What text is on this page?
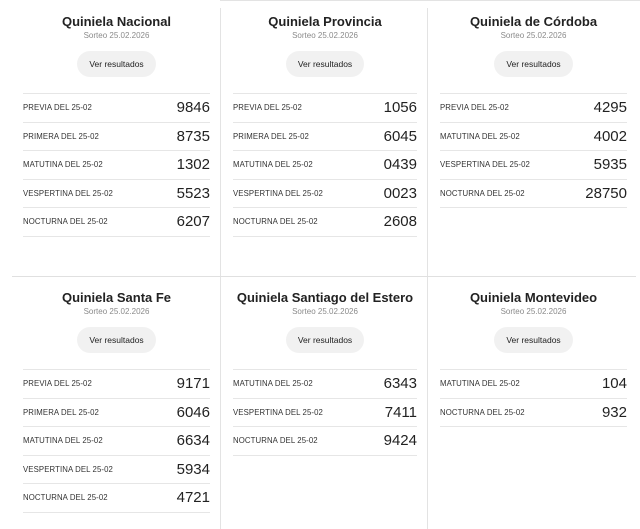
Quiniela Nacional
Sorteo 25.02.2026
Ver resultados
PREVIA DEL 25-02	9846
PRIMERA DEL 25-02	8735
MATUTINA DEL 25-02	1302
VESPERTINA DEL 25-02	5523
NOCTURNA DEL 25-02	6207
Quiniela Provincia
Sorteo 25.02.2026
Ver resultados
PREVIA DEL 25-02	1056
PRIMERA DEL 25-02	6045
MATUTINA DEL 25-02	0439
VESPERTINA DEL 25-02	0023
NOCTURNA DEL 25-02	2608
Quiniela de Córdoba
Sorteo 25.02.2026
Ver resultados
PREVIA DEL 25-02	4295
MATUTINA DEL 25-02	4002
VESPERTINA DEL 25-02	5935
NOCTURNA DEL 25-02	28750
Quiniela Santa Fe
Sorteo 25.02.2026
Ver resultados
PREVIA DEL 25-02	9171
PRIMERA DEL 25-02	6046
MATUTINA DEL 25-02	6634
VESPERTINA DEL 25-02	5934
NOCTURNA DEL 25-02	4721
Quiniela Santiago del Estero
Sorteo 25.02.2026
Ver resultados
MATUTINA DEL 25-02	6343
VESPERTINA DEL 25-02	7411
NOCTURNA DEL 25-02	9424
Quiniela Montevideo
Sorteo 25.02.2026
Ver resultados
MATUTINA DEL 25-02	104
NOCTURNA DEL 25-02	932
